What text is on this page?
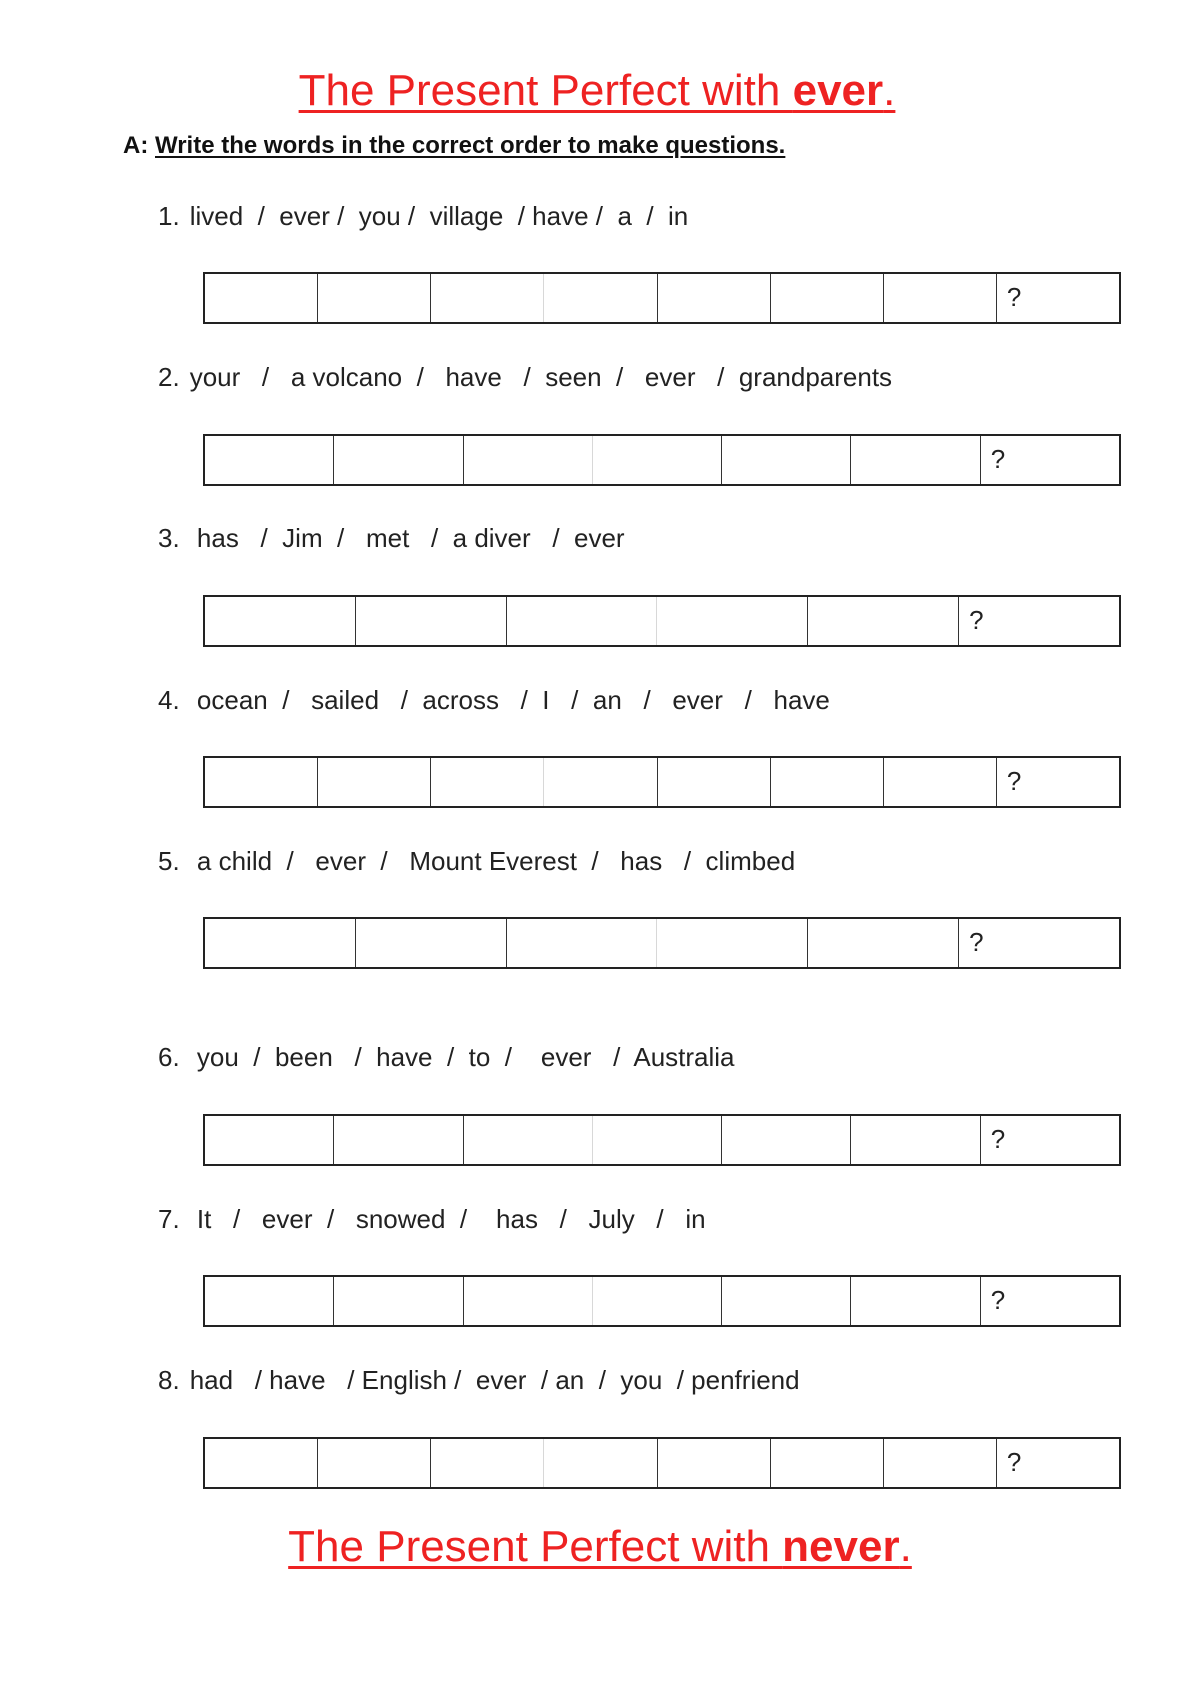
The Present Perfect with ever.
A: Write the words in the correct order to make questions.
1. lived  /  ever /  you /  village  / have /  a  /  in
?
2. your   /   a volcano  /   have   /  seen  /   ever   /  grandparents
?
3. has   /  Jim  /   met   /  a diver   /  ever
?
4. ocean  /   sailed   /  across   /  I   /  an   /   ever   /   have
?
5. a child  /   ever  /   Mount Everest  /   has   /  climbed
?
6. you  /  been   /  have  /  to  /    ever   /  Australia
?
7. It   /   ever  /   snowed  /    has   /   July   /   in
?
8. had   / have   / English /  ever  / an  /  you  / penfriend
?
The Present Perfect with never.
